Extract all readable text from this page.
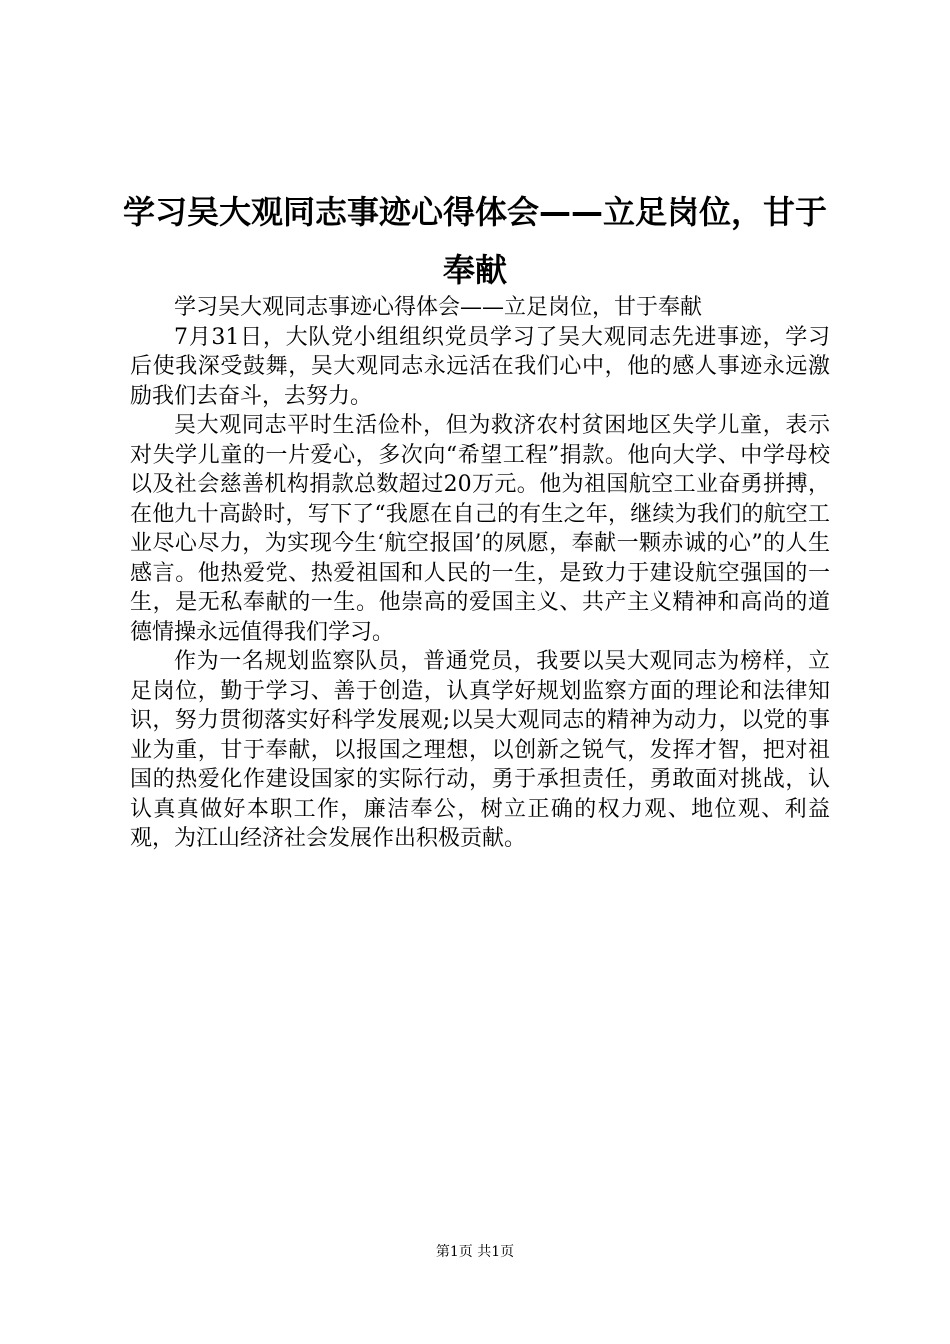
学习吴大观同志事迹心得体会——立足岗位，甘于奉献

学习吴大观同志事迹心得体会——立足岗位，甘于奉献

7月31日，大队党小组组织党员学习了吴大观同志先进事迹，学习后使我深受鼓舞，吴大观同志永远活在我们心中，他的感人事迹永远激励我们去奋斗，去努力。

吴大观同志平时生活俭朴，但为救济农村贫困地区失学儿童，表示对失学儿童的一片爱心，多次向“希望工程”捐款。他向大学、中学母校以及社会慈善机构捐款总数超过20万元。他为祖国航空工业奋勇拼搏，在他九十高龄时，写下了“我愿在自己的有生之年，继续为我们的航空工业尽心尽力，为实现今生‘航空报国’的夙愿，奉献一颗赤诚的心”的人生感言。他热爱党、热爱祖国和人民的一生，是致力于建设航空强国的一生，是无私奉献的一生。他崇高的爱国主义、共产主义精神和高尚的道德情操永远值得我们学习。

作为一名规划监察队员，普通党员，我要以吴大观同志为榜样，立足岗位，勤于学习、善于创造，认真学好规划监察方面的理论和法律知识，努力贯彻落实好科学发展观;以吴大观同志的精神为动力，以党的事业为重，甘于奉献，以报国之理想，以创新之锐气，发挥才智，把对祖国的热爱化作建设国家的实际行动，勇于承担责任，勇敢面对挑战，认认真真做好本职工作，廉洁奉公，树立正确的权力观、地位观、利益观，为江山经济社会发展作出积极贡献。

第1页 共1页
